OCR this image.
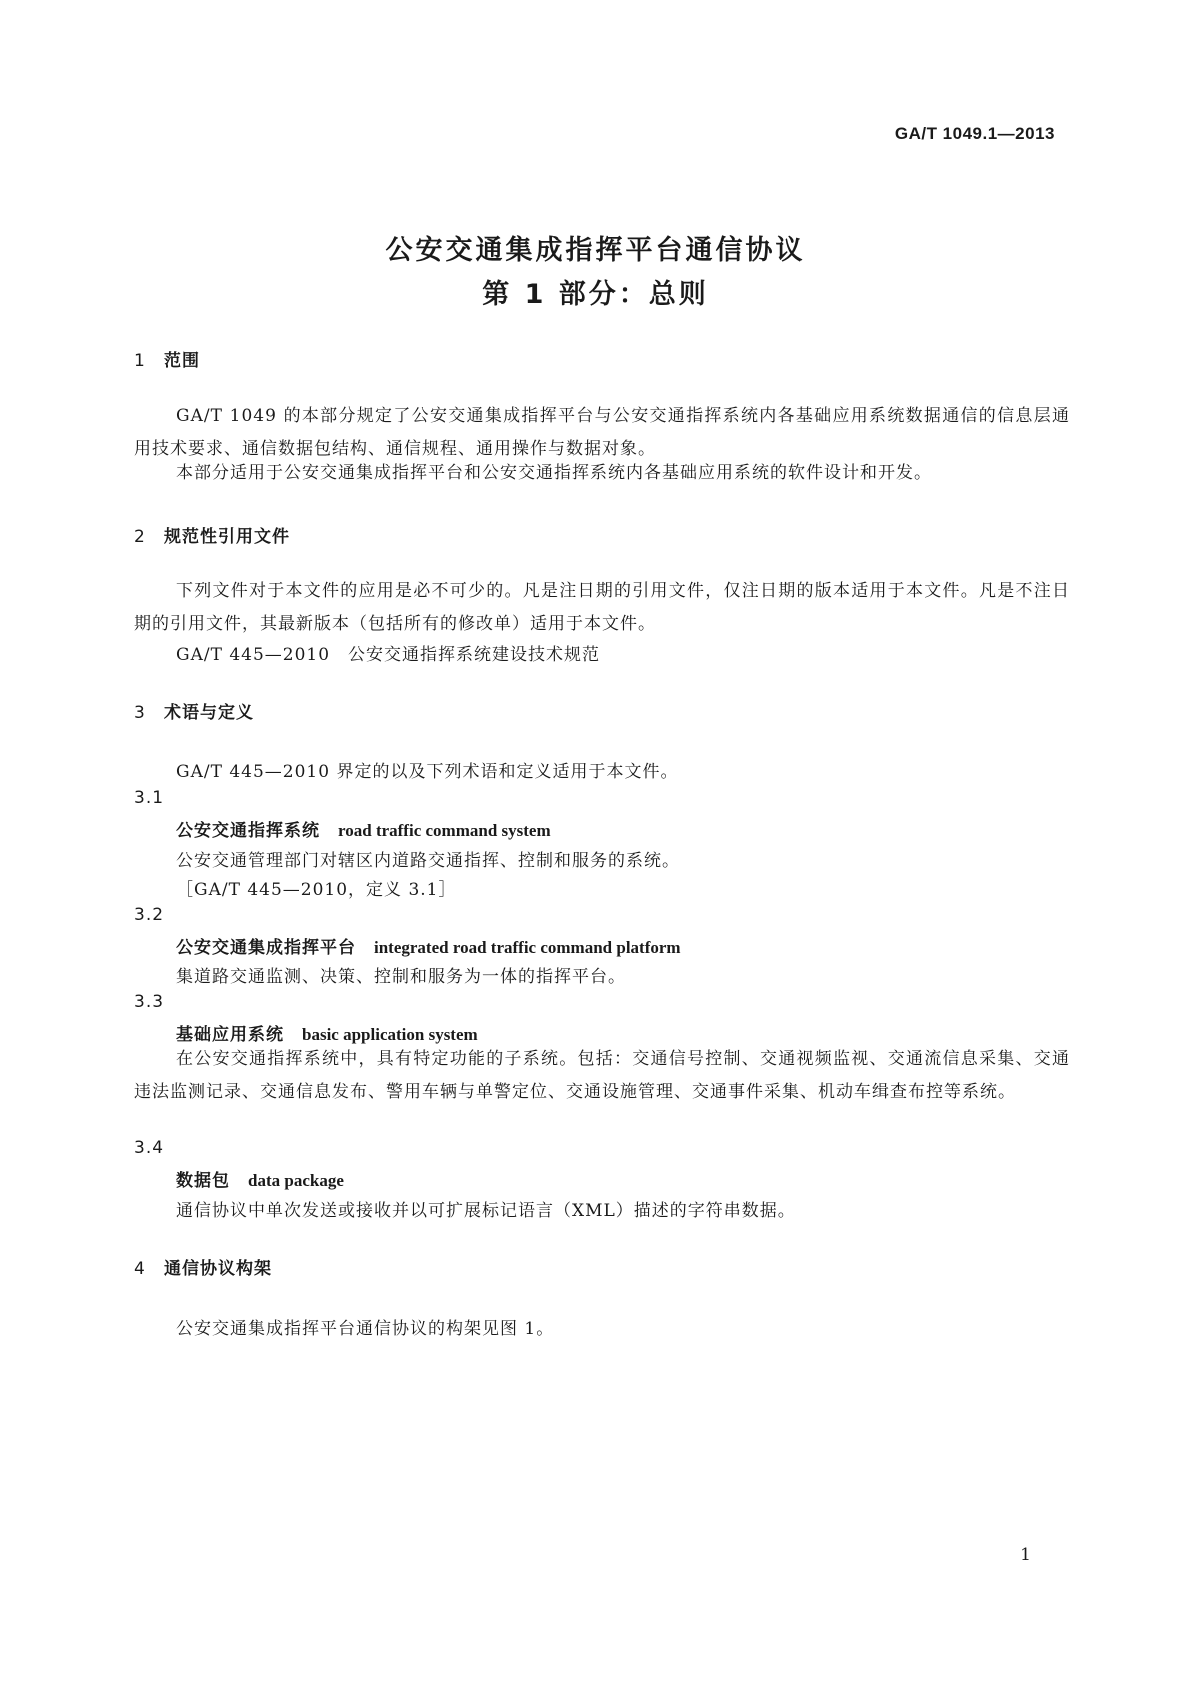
GA/T 1049.1—2013
公安交通集成指挥平台通信协议
第 1 部分：总则
1 范围
GA/T 1049 的本部分规定了公安交通集成指挥平台与公安交通指挥系统内各基础应用系统数据通信的信息层通用技术要求、通信数据包结构、通信规程、通用操作与数据对象。
本部分适用于公安交通集成指挥平台和公安交通指挥系统内各基础应用系统的软件设计和开发。
2 规范性引用文件
下列文件对于本文件的应用是必不可少的。凡是注日期的引用文件，仅注日期的版本适用于本文件。凡是不注日期的引用文件，其最新版本（包括所有的修改单）适用于本文件。
GA/T 445—2010　公安交通指挥系统建设技术规范
3 术语与定义
GA/T 445—2010 界定的以及下列术语和定义适用于本文件。
3.1
公安交通指挥系统 road traffic command system
公安交通管理部门对辖区内道路交通指挥、控制和服务的系统。
［GA/T 445—2010，定义 3.1］
3.2
公安交通集成指挥平台 integrated road traffic command platform
集道路交通监测、决策、控制和服务为一体的指挥平台。
3.3
基础应用系统 basic application system
在公安交通指挥系统中，具有特定功能的子系统。包括：交通信号控制、交通视频监视、交通流信息采集、交通违法监测记录、交通信息发布、警用车辆与单警定位、交通设施管理、交通事件采集、机动车缉查布控等系统。
3.4
数据包 data package
通信协议中单次发送或接收并以可扩展标记语言（XML）描述的字符串数据。
4 通信协议构架
公安交通集成指挥平台通信协议的构架见图 1。
1
